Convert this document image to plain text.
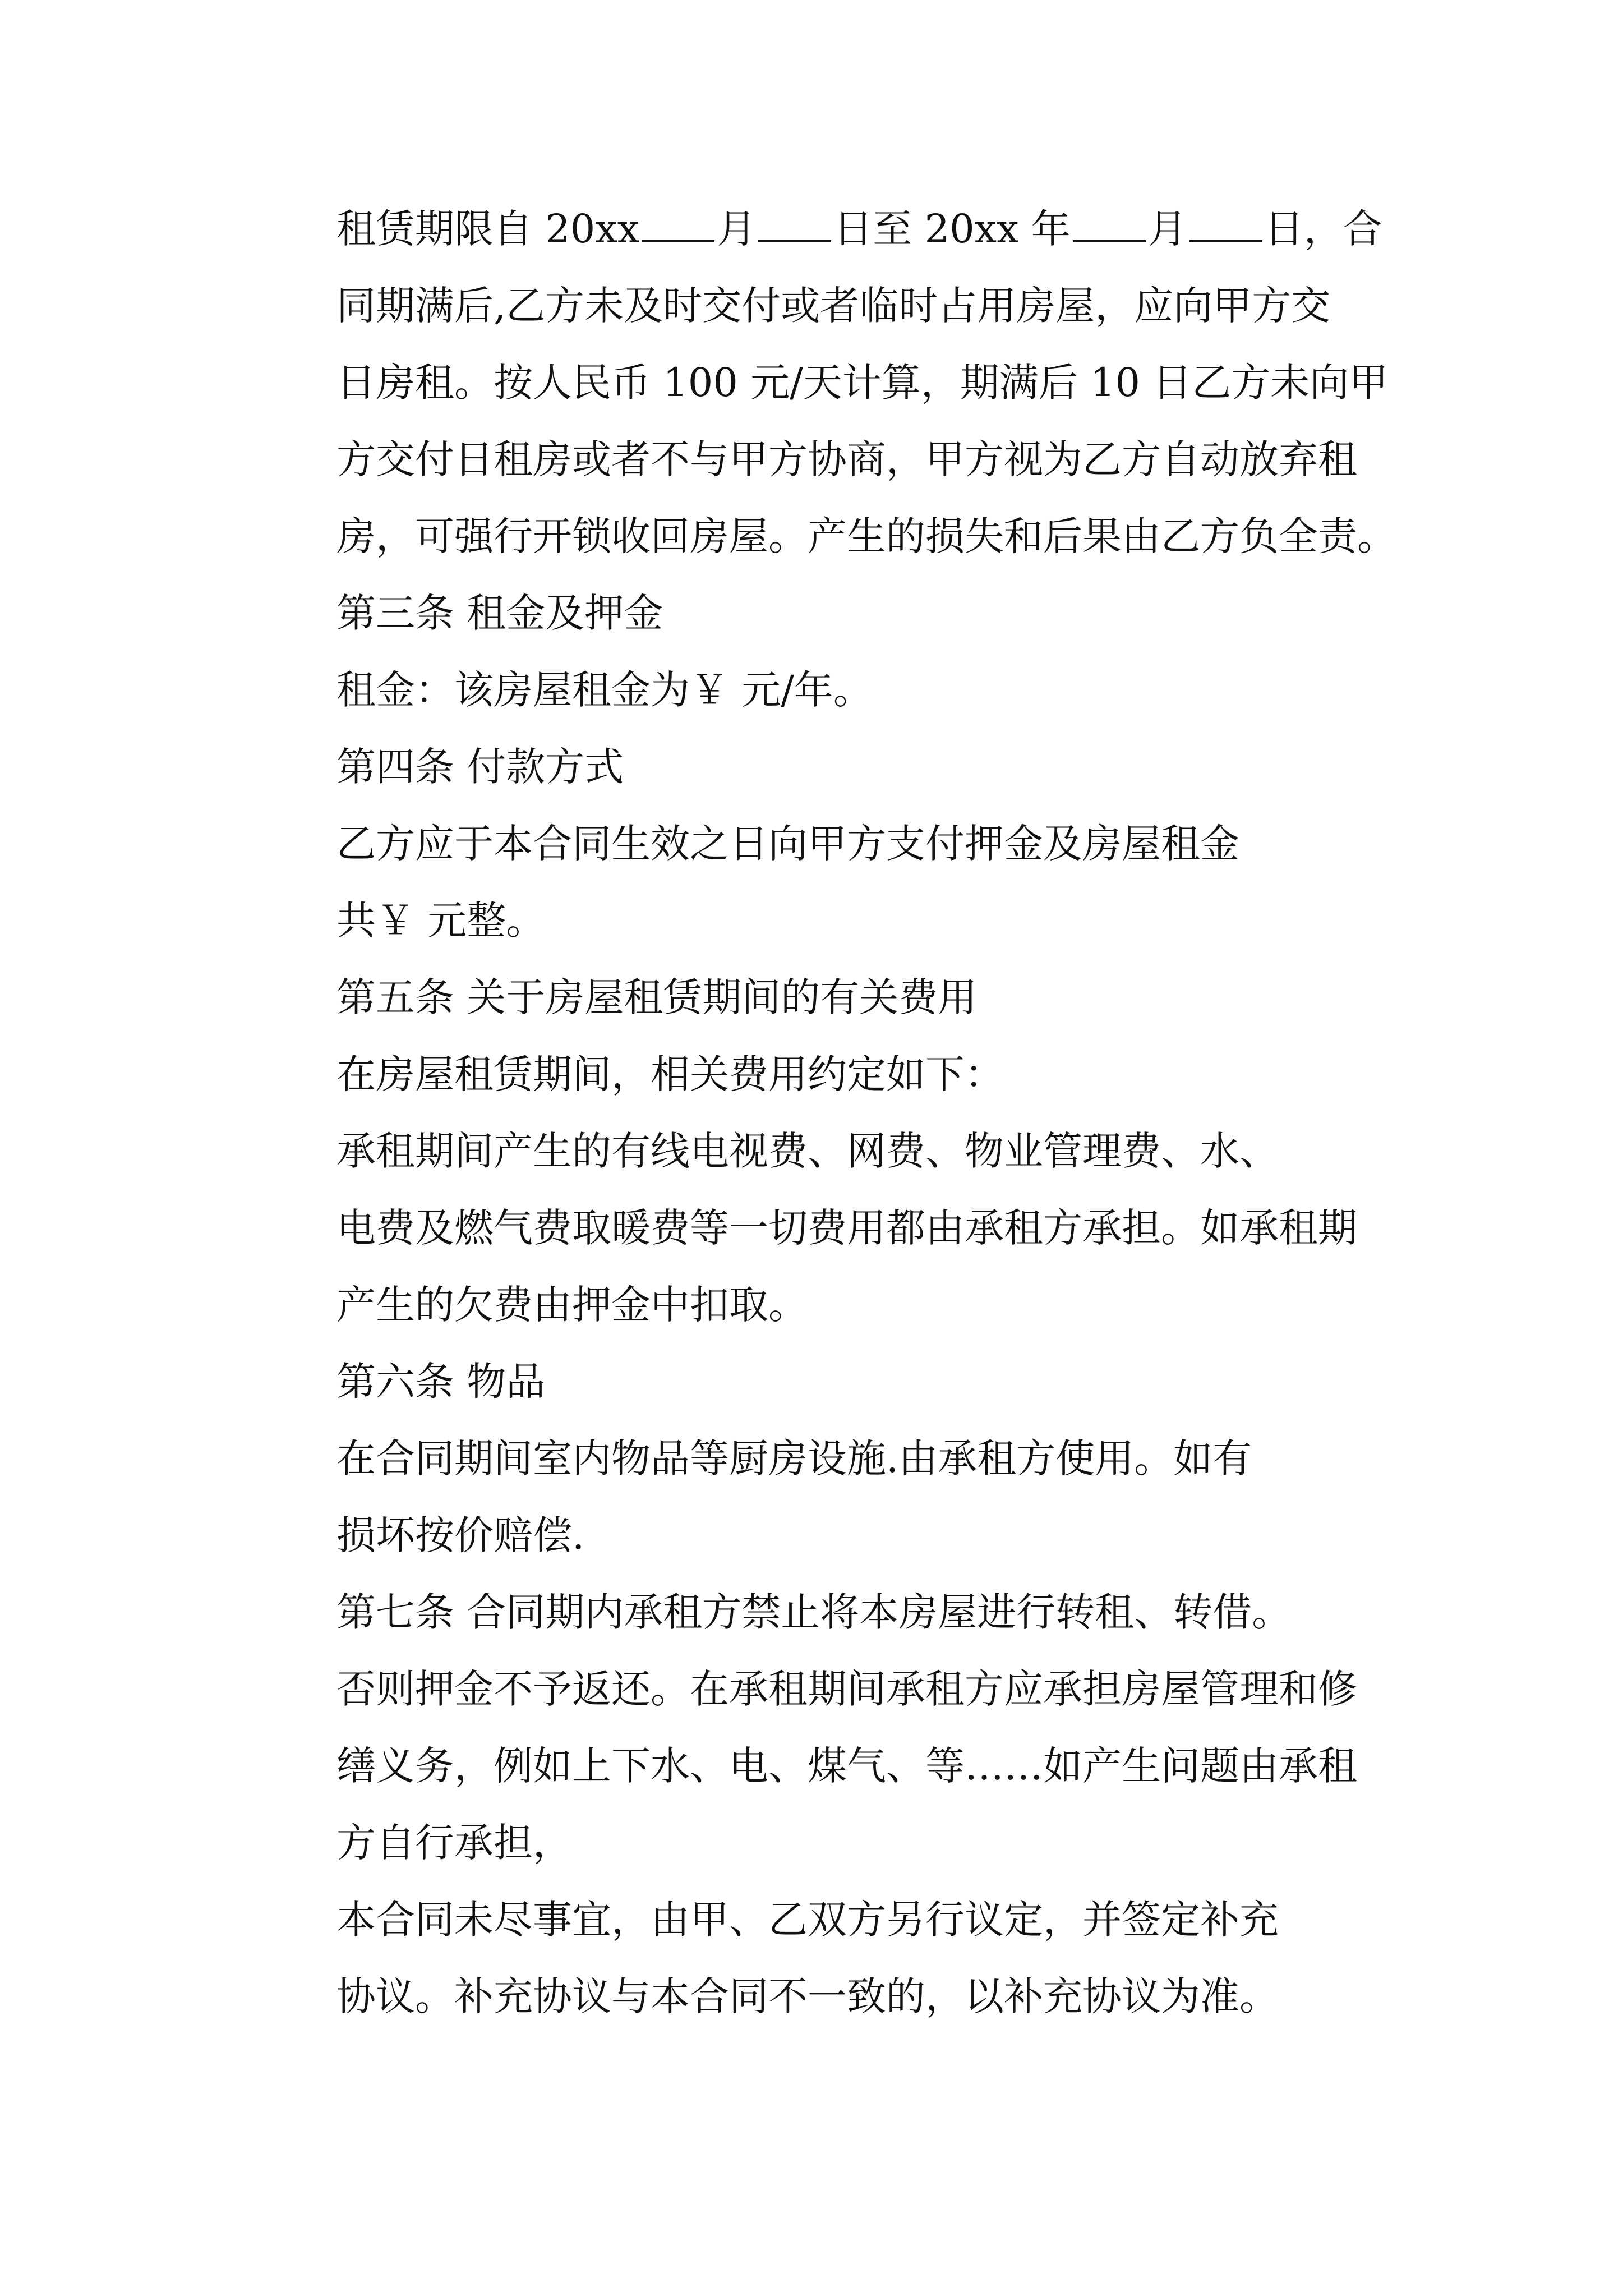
租赁期限自 20xx 月 日至 20xx 年 月 日，合
同期满后,乙方未及时交付或者临时占用房屋，应向甲方交
日房租。按人民币 100 元/天计算，期满后 10 日乙方未向甲
方交付日租房或者不与甲方协商，甲方视为乙方自动放弃租
房，可强行开锁收回房屋。产生的损失和后果由乙方负全责。

第三条 租金及押金

租金：该房屋租金为￥ 元/年。

第四条 付款方式

乙方应于本合同生效之日向甲方支付押金及房屋租金
共￥ 元整。

第五条 关于房屋租赁期间的有关费用

在房屋租赁期间，相关费用约定如下：

承租期间产生的有线电视费、网费、物业管理费、水、
电费及燃气费取暖费等一切费用都由承租方承担。如承租期
产生的欠费由押金中扣取。

第六条 物品

在合同期间室内物品等厨房设施.由承租方使用。如有
损坏按价赔偿.

第七条 合同期内承租方禁止将本房屋进行转租、转借。
否则押金不予返还。在承租期间承租方应承担房屋管理和修
缮义务，例如上下水、电、煤气、等……如产生问题由承租
方自行承担，

本合同未尽事宜，由甲、乙双方另行议定，并签定补充
协议。补充协议与本合同不一致的，以补充协议为准。
